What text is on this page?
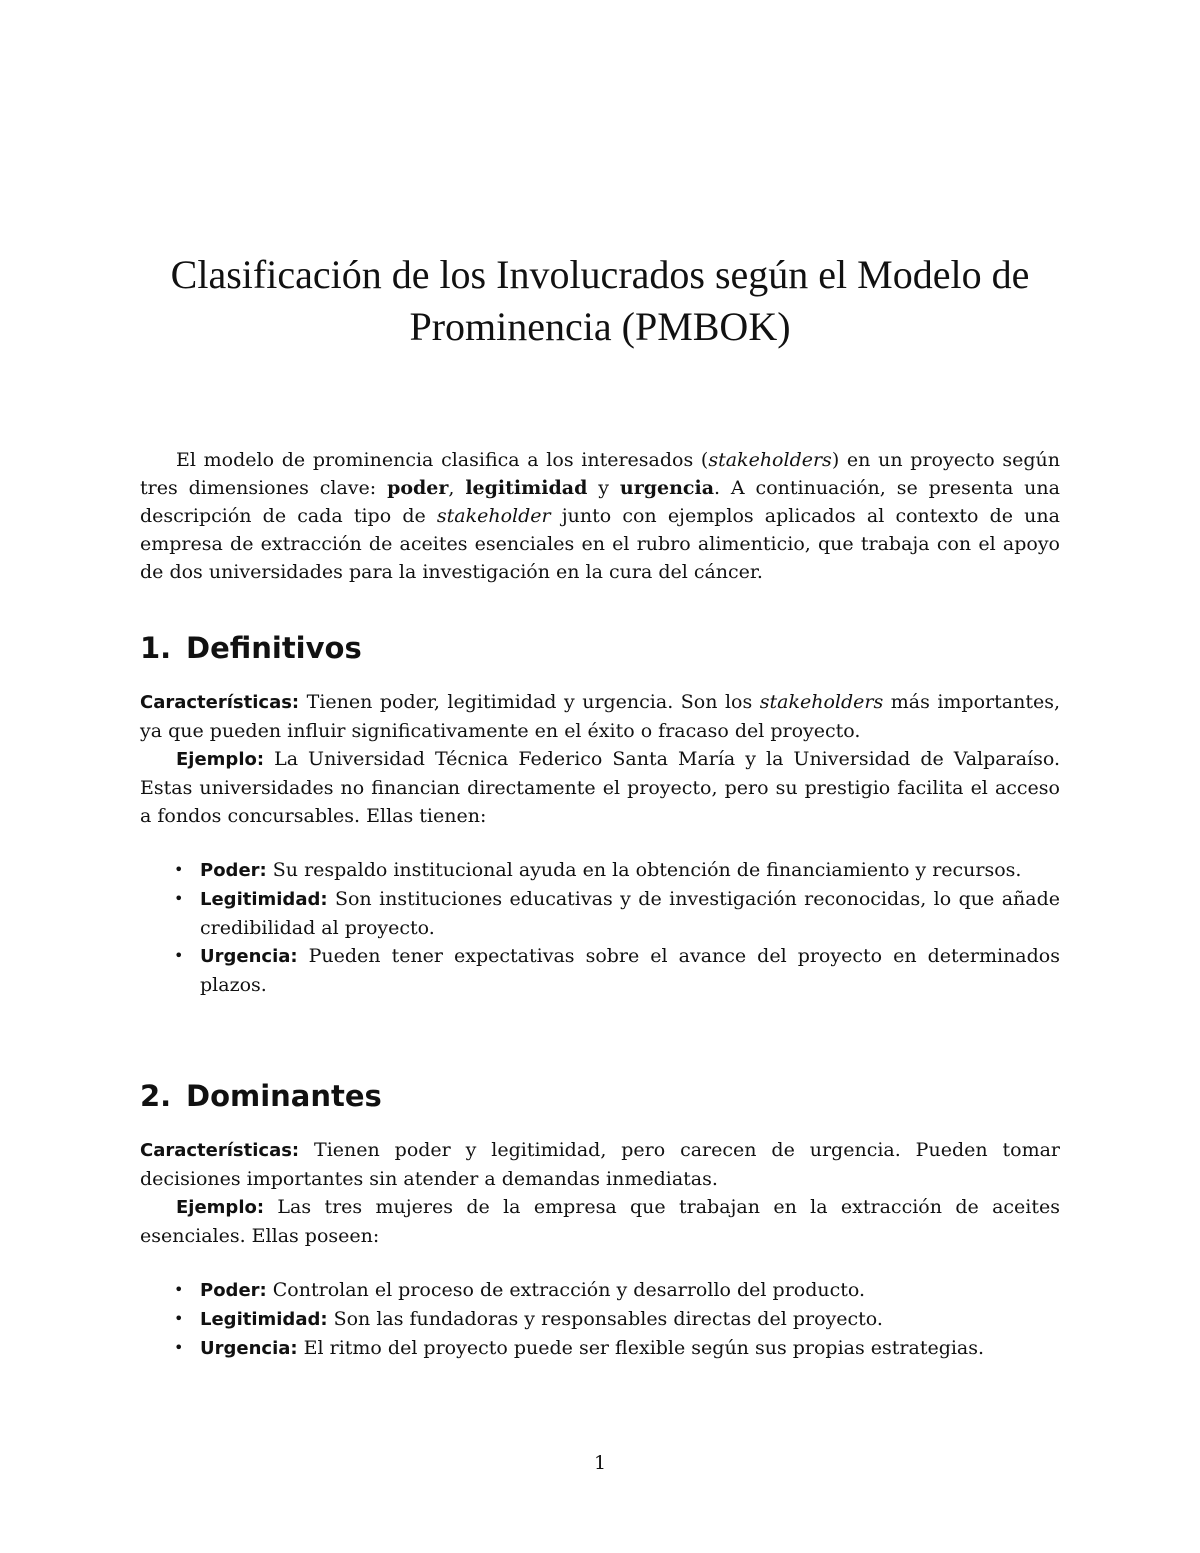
Clasificación de los Involucrados según el Modelo de
Prominencia (PMBOK)

El modelo de prominencia clasifica a los interesados (stakeholders) en un proyecto según tres dimensiones clave: poder, legitimidad y urgencia. A continuación, se presenta una descripción de cada tipo de stakeholder junto con ejemplos aplicados al contexto de una empresa de extracción de aceites esenciales en el rubro alimenticio, que trabaja con el apoyo de dos universidades para la investigación en la cura del cáncer.

1. Definitivos

Características: Tienen poder, legitimidad y urgencia. Son los stakeholders más importantes, ya que pueden influir significativamente en el éxito o fracaso del proyecto.

Ejemplo: La Universidad Técnica Federico Santa María y la Universidad de Valparaíso. Estas universidades no financian directamente el proyecto, pero su prestigio facilita el acceso a fondos concursables. Ellas tienen:

• Poder: Su respaldo institucional ayuda en la obtención de financiamiento y recursos.
• Legitimidad: Son instituciones educativas y de investigación reconocidas, lo que añade credibilidad al proyecto.
• Urgencia: Pueden tener expectativas sobre el avance del proyecto en determinados plazos.
2. Dominantes

Características: Tienen poder y legitimidad, pero carecen de urgencia. Pueden tomar decisiones importantes sin atender a demandas inmediatas.

Ejemplo: Las tres mujeres de la empresa que trabajan en la extracción de aceites esenciales. Ellas poseen:

• Poder: Controlan el proceso de extracción y desarrollo del producto.
• Legitimidad: Son las fundadoras y responsables directas del proyecto.
• Urgencia: El ritmo del proyecto puede ser flexible según sus propias estrategias.
1
